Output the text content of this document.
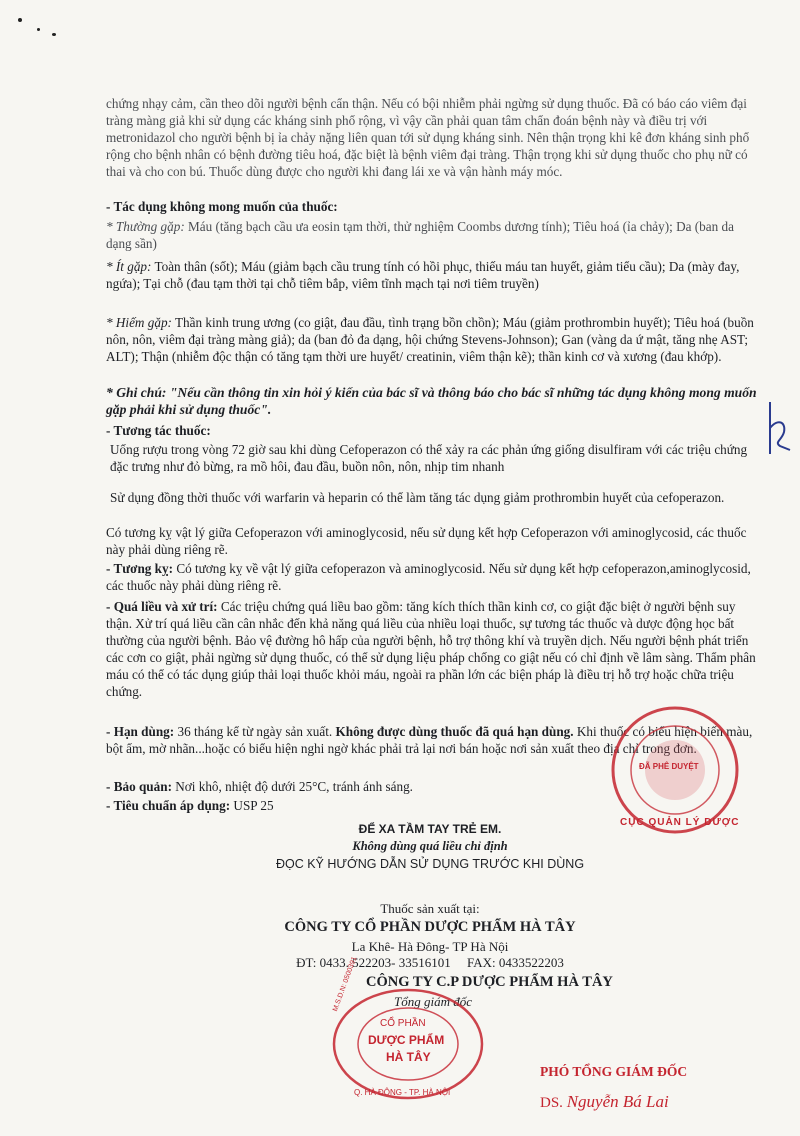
chứng nhạy cảm, cần theo dõi người bệnh cẩn thận. Nếu có bội nhiễm phải ngừng sử dụng thuốc. Đã có báo cáo viêm đại tràng màng giả khi sử dụng các kháng sinh phổ rộng, vì vậy cần phải quan tâm chẩn đoán bệnh này và điều trị với metronidazol cho người bệnh bị ỉa chảy nặng liên quan tới sử dụng kháng sinh. Nên thận trọng khi kê đơn kháng sinh phổ rộng cho bệnh nhân có bệnh đường tiêu hoá, đặc biệt là bệnh viêm đại tràng. Thận trọng khi sử dụng thuốc cho phụ nữ có thai và cho con bú. Thuốc dùng được cho người khi đang lái xe và vận hành máy móc.
- Tác dụng không mong muốn của thuốc:
* Thường gặp: Máu (tăng bạch cầu ưa eosin tạm thời, thử nghiệm Coombs dương tính); Tiêu hoá (ỉa chảy); Da (ban da dạng sần)
* Ít gặp: Toàn thân (sốt); Máu (giảm bạch cầu trung tính có hồi phục, thiếu máu tan huyết, giảm tiểu cầu); Da (mày đay, ngứa); Tại chỗ (đau tạm thời tại chỗ tiêm bắp, viêm tĩnh mạch tại nơi tiêm truyền)
* Hiếm gặp: Thần kinh trung ương (co giật, đau đầu, tình trạng bồn chồn); Máu (giảm prothrombin huyết); Tiêu hoá (buồn nôn, nôn, viêm đại tràng màng giả); da (ban đỏ đa dạng, hội chứng Stevens-Johnson); Gan (vàng da ứ mật, tăng nhẹ AST; ALT); Thận (nhiễm độc thận có tăng tạm thời ure huyết/ creatinin, viêm thận kẽ); thần kinh cơ và xương (đau khớp).
* Ghi chú: "Nếu cần thông tin xin hỏi ý kiến của bác sĩ và thông báo cho bác sĩ những tác dụng không mong muốn gặp phải khi sử dụng thuốc".
- Tương tác thuốc:
Uống rượu trong vòng 72 giờ sau khi dùng Cefoperazon có thể xảy ra các phản ứng giống disulfiram với các triệu chứng đặc trưng như đỏ bừng, ra mồ hôi, đau đầu, buồn nôn, nôn, nhịp tim nhanh
Sử dụng đồng thời thuốc với warfarin và heparin có thể làm tăng tác dụng giảm prothrombin huyết của cefoperazon.
Có tương kỵ vật lý giữa Cefoperazon với aminoglycosid, nếu sử dụng kết hợp Cefoperazon với aminoglycosid, các thuốc này phải dùng riêng rẽ.
- Tương kỵ: Có tương kỵ về vật lý giữa cefoperazon và aminoglycosid. Nếu sử dụng kết hợp cefoperazon,aminoglycosid, các thuốc này phải dùng riêng rẽ.
- Quá liều và xử trí: Các triệu chứng quá liều bao gồm: tăng kích thích thần kinh cơ, co giật đặc biệt ở người bệnh suy thận. Xử trí quá liều cần cân nhắc đến khả năng quá liều của nhiều loại thuốc, sự tương tác thuốc và dược động học bất thường của người bệnh. Bảo vệ đường hô hấp của người bệnh, hỗ trợ thông khí và truyền dịch. Nếu người bệnh phát triển các cơn co giật, phải ngừng sử dụng thuốc, có thể sử dụng liệu pháp chống co giật nếu có chỉ định về lâm sàng. Thẩm phân máu có thể có tác dụng giúp thải loại thuốc khỏi máu, ngoài ra phần lớn các biện pháp là điều trị hỗ trợ hoặc chữa triệu chứng.
- Hạn dùng: 36 tháng kể từ ngày sản xuất. Không được dùng thuốc đã quá hạn dùng. Khi thuốc có biểu hiện biến màu, bột ẩm, mờ nhãn...hoặc có biểu hiện nghi ngờ khác phải trả lại nơi bán hoặc nơi sản xuất theo địa chỉ trong đơn.
- Bảo quản: Nơi khô, nhiệt độ dưới 25°C, tránh ánh sáng.
- Tiêu chuẩn áp dụng: USP 25
ĐỂ XA TẦM TAY TRẺ EM.
Không dùng quá liều chỉ định
ĐỌC KỸ HƯỚNG DẪN SỬ DỤNG TRƯỚC KHI DÙNG
Thuốc sản xuất tại:
CÔNG TY CỔ PHẦN DƯỢC PHẨM HÀ TÂY
La Khê- Hà Đông- TP Hà Nội
ĐT: 0433. 522203- 33516101 FAX: 0433522203
CÔNG TY C.P DƯỢC PHẨM HÀ TÂY
Tổng giám đốc
CỔ PHẦN
DƯỢC PHẨM
HÀ TÂY
M.S.D.N: 0500391
Q. HÀ ĐÔNG - TP. HÀ NỘI
PHÓ TỔNG GIÁM ĐỐC
DS. Nguyễn Bá Lai
CỤC QUẢN LÝ DƯỢC
ĐÃ PHÊ DUYỆT
